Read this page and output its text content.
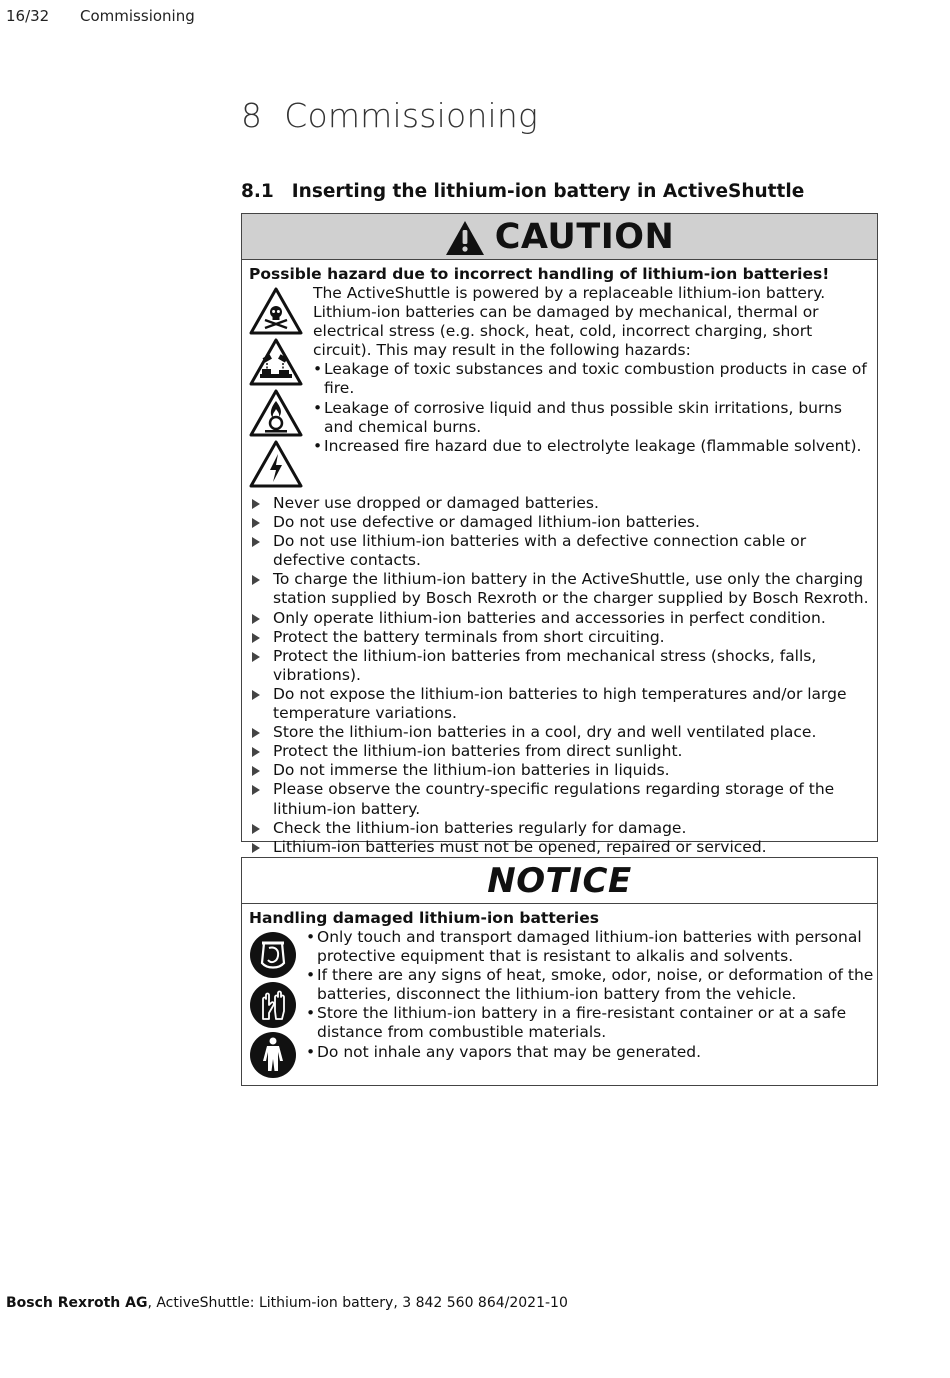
16/32 Commissioning
8 Commissioning
8.1 Inserting the lithium-ion battery in ActiveShuttle
CAUTION
Possible hazard due to incorrect handling of lithium-ion batteries!

The ActiveShuttle is powered by a replaceable lithium-ion battery. Lithium-ion batteries can be damaged by mechanical, thermal or electrical stress (e.g. shock, heat, cold, incorrect charging, short circuit). This may result in the following hazards:

• Leakage of toxic substances and toxic combustion products in case of fire.
• Leakage of corrosive liquid and thus possible skin irritations, burns and chemical burns.
• Increased fire hazard due to electrolyte leakage (flammable solvent).
Never use dropped or damaged batteries.
Do not use defective or damaged lithium-ion batteries.
Do not use lithium-ion batteries with a defective connection cable or defective contacts.
To charge the lithium-ion battery in the ActiveShuttle, use only the charging station supplied by Bosch Rexroth or the charger supplied by Bosch Rexroth.
Only operate lithium-ion batteries and accessories in perfect condition.
Protect the battery terminals from short circuiting.
Protect the lithium-ion batteries from mechanical stress (shocks, falls, vibrations).
Do not expose the lithium-ion batteries to high temperatures and/or large temperature variations.
Store the lithium-ion batteries in a cool, dry and well ventilated place.
Protect the lithium-ion batteries from direct sunlight.
Do not immerse the lithium-ion batteries in liquids.
Please observe the country-specific regulations regarding storage of the lithium-ion battery.
Check the lithium-ion batteries regularly for damage.
Lithium-ion batteries must not be opened, repaired or serviced.
NOTICE
Handling damaged lithium-ion batteries
• Only touch and transport damaged lithium-ion batteries with personal protective equipment that is resistant to alkalis and solvents.
• If there are any signs of heat, smoke, odor, noise, or deformation of the batteries, disconnect the lithium-ion battery from the vehicle.
• Store the lithium-ion battery in a fire-resistant container or at a safe distance from combustible materials.
• Do not inhale any vapors that may be generated.
Bosch Rexroth AG, ActiveShuttle: Lithium-ion battery, 3 842 560 864/2021-10
